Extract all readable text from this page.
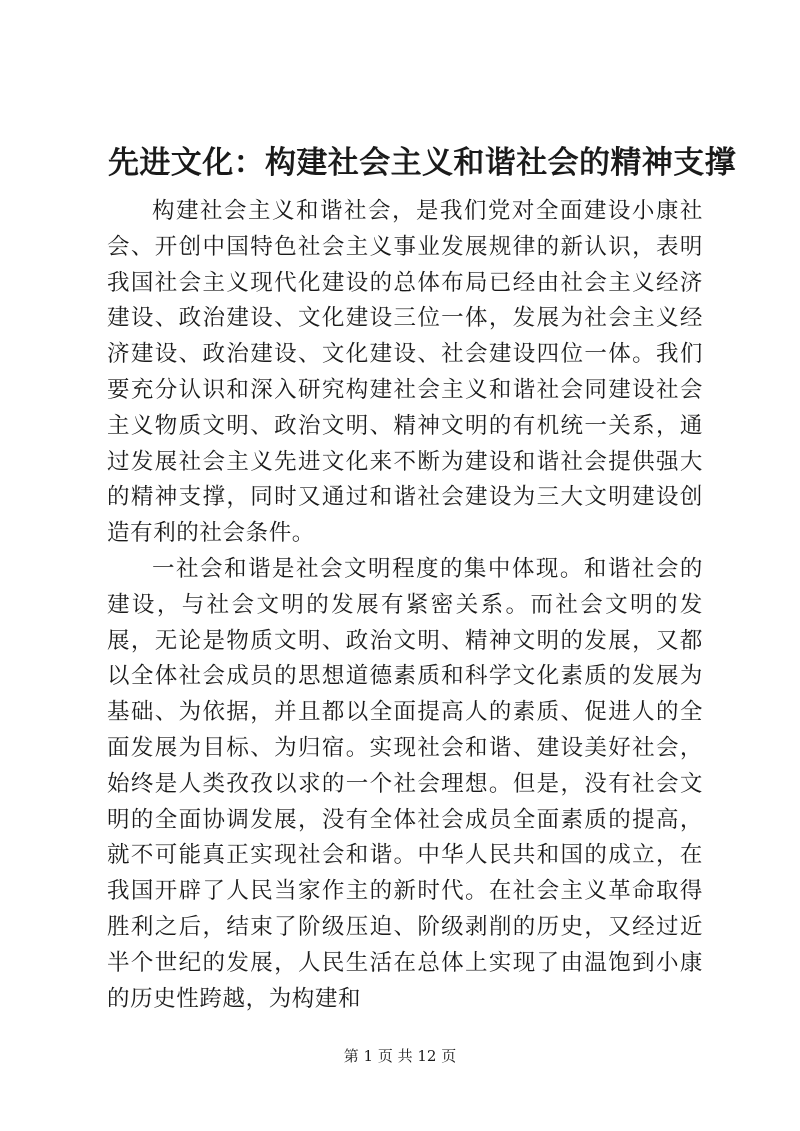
先进文化：构建社会主义和谐社会的精神支撑

构建社会主义和谐社会，是我们党对全面建设小康社会、开创中国特色社会主义事业发展规律的新认识，表明我国社会主义现代化建设的总体布局已经由社会主义经济建设、政治建设、文化建设三位一体，发展为社会主义经济建设、政治建设、文化建设、社会建设四位一体。我们要充分认识和深入研究构建社会主义和谐社会同建设社会主义物质文明、政治文明、精神文明的有机统一关系，通过发展社会主义先进文化来不断为建设和谐社会提供强大的精神支撑，同时又通过和谐社会建设为三大文明建设创造有利的社会条件。

一社会和谐是社会文明程度的集中体现。和谐社会的建设，与社会文明的发展有紧密关系。而社会文明的发展，无论是物质文明、政治文明、精神文明的发展，又都以全体社会成员的思想道德素质和科学文化素质的发展为基础、为依据，并且都以全面提高人的素质、促进人的全面发展为目标、为归宿。实现社会和谐、建设美好社会，始终是人类孜孜以求的一个社会理想。但是，没有社会文明的全面协调发展，没有全体社会成员全面素质的提高，就不可能真正实现社会和谐。中华人民共和国的成立，在我国开辟了人民当家作主的新时代。在社会主义革命取得胜利之后，结束了阶级压迫、阶级剥削的历史，又经过近半个世纪的发展，人民生活在总体上实现了由温饱到小康的历史性跨越，为构建和

第 1 页 共 12 页
